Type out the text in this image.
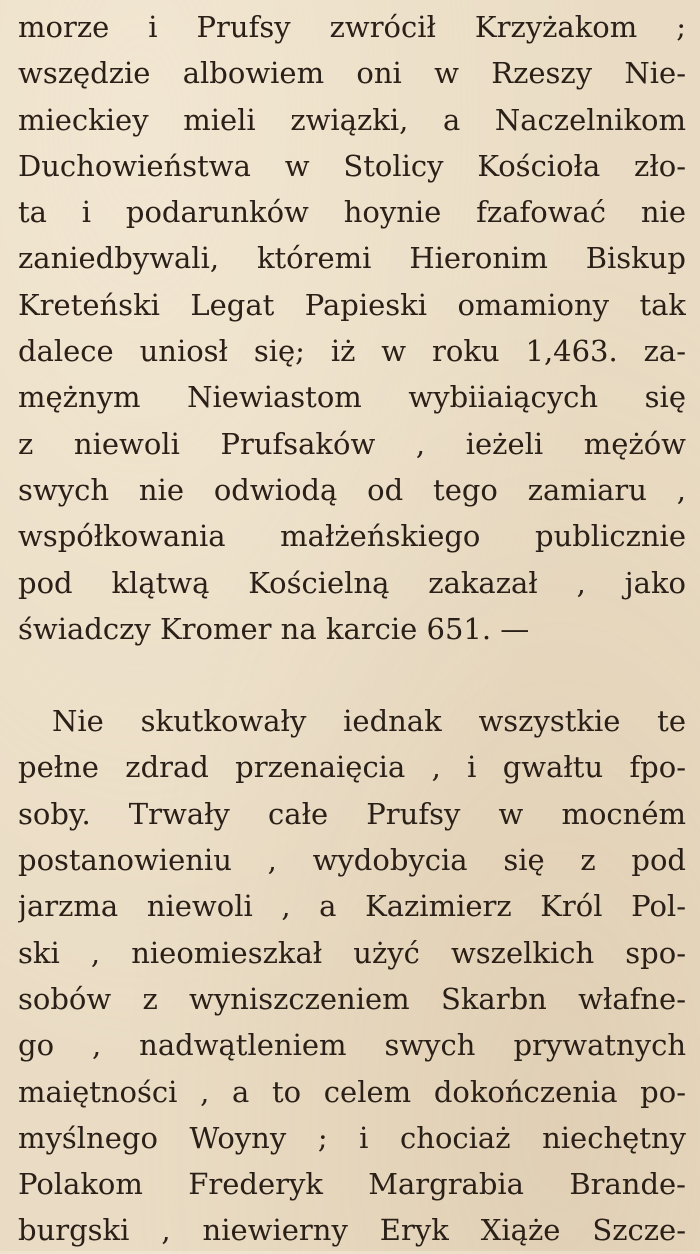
morze i Prufsy zwrócił Krzyżakom ;
wszędzie albowiem oni w Rzeszy Nie-
mieckiey mieli związki, a Naczelnikom
Duchowieństwa w Stolicy Kościoła zło-
ta i podarunków hoynie fzafować nie
zaniedbywali, któremi Hieronim Biskup
Kreteński Legat Papieski omamiony tak
dalece uniosł się; iż w roku 1,463. za-
mężnym Niewiastom wybiiaiących się
z niewoli Prufsaków , ieżeli mężów
swych nie odwiodą od tego zamiaru ,
współkowania małżeńskiego publicznie
pod klątwą Kościelną zakazał , jako
świadczy Kromer na karcie 651. —
Nie skutkowały iednak wszystkie te
pełne zdrad przenaięcia , i gwałtu fpo-
soby. Trwały całe Prufsy w mocném
postanowieniu , wydobycia się z pod
jarzma niewoli , a Kazimierz Król Pol-
ski , nieomieszkał użyć wszelkich spo-
sobów z wyniszczeniem Skarbn włafne-
go , nadwątleniem swych prywatnych
maiętności , a to celem dokończenia po-
myślnego Woyny ; i chociaż niechętny
Polakom Frederyk Margrabia Brande-
burgski , niewierny Eryk Xiąże Szcze-
